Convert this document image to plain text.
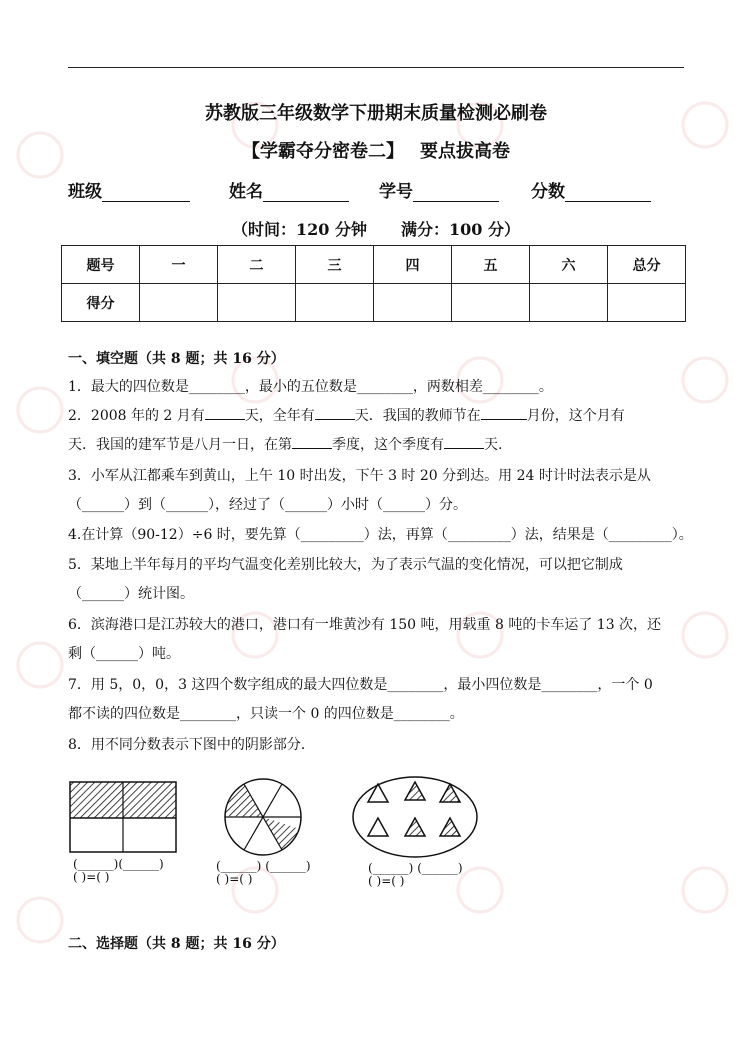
苏教版三年级数学下册期末质量检测必刷卷
【学霸夺分密卷二】 要点拔高卷
班级	姓名	学号	分数
（时间：120 分钟 满分：100 分）
题号	一	二	三	四	五	六	总分
得分							
一、填空题（共 8 题；共 16 分）
1．最大的四位数是________，最小的五位数是________，两数相差________。
2．2008 年的 2 月有	天，全年有	天．我国的教师节在	月份，这个月有
天．我国的建军节是八月一日，在第	季度，这个季度有	天.
3．小军从江都乘车到黄山，上午 10 时出发，下午 3 时 20 分到达。用 24 时计时法表示是从
（______）到（______），经过了（______）小时（______）分。
4.在计算（90-12）÷6 时，要先算（_________）法，再算（_________）法，结果是（_________）。
5．某地上半年每月的平均气温变化差别比较大，为了表示气温的变化情况，可以把它制成
（______）统计图。
6．滨海港口是江苏较大的港口，港口有一堆黄沙有 150 吨，用载重 8 吨的卡车运了 13 次，还
剩（______）吨。
7．用 5，0，0，3 这四个数字组成的最大四位数是________，最小四位数是________，一个 0
都不读的四位数是________，只读一个 0 的四位数是________。
8．用不同分数表示下图中的阴影部分．
(______)(______)
( )=( )
(______) (______)
( )=( )
(______) (______)
( )=( )
二、选择题（共 8 题；共 16 分）
